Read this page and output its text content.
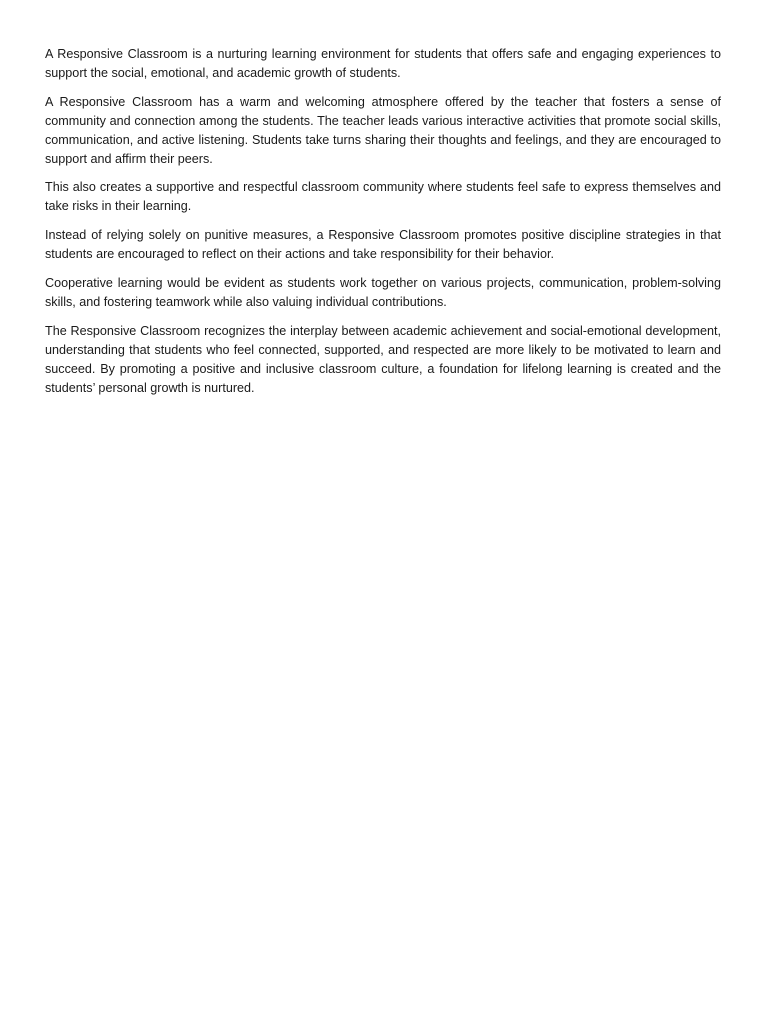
A Responsive Classroom is a nurturing learning environment for students that offers safe and engaging experiences to support the social, emotional, and academic growth of students.

A Responsive Classroom has a warm and welcoming atmosphere offered by the teacher that fosters a sense of community and connection among the students. The teacher leads various interactive activities that promote social skills, communication, and active listening. Students take turns sharing their thoughts and feelings, and they are encouraged to support and affirm their peers.

This also creates a supportive and respectful classroom community where students feel safe to express themselves and take risks in their learning.

Instead of relying solely on punitive measures, a Responsive Classroom promotes positive discipline strategies in that students are encouraged to reflect on their actions and take responsibility for their behavior.

Cooperative learning would be evident as students work together on various projects, communication, problem-solving skills, and fostering teamwork while also valuing individual contributions.

The Responsive Classroom recognizes the interplay between academic achievement and social-emotional development, understanding that students who feel connected, supported, and respected are more likely to be motivated to learn and succeed. By promoting a positive and inclusive classroom culture, a foundation for lifelong learning is created and the students’ personal growth is nurtured.
